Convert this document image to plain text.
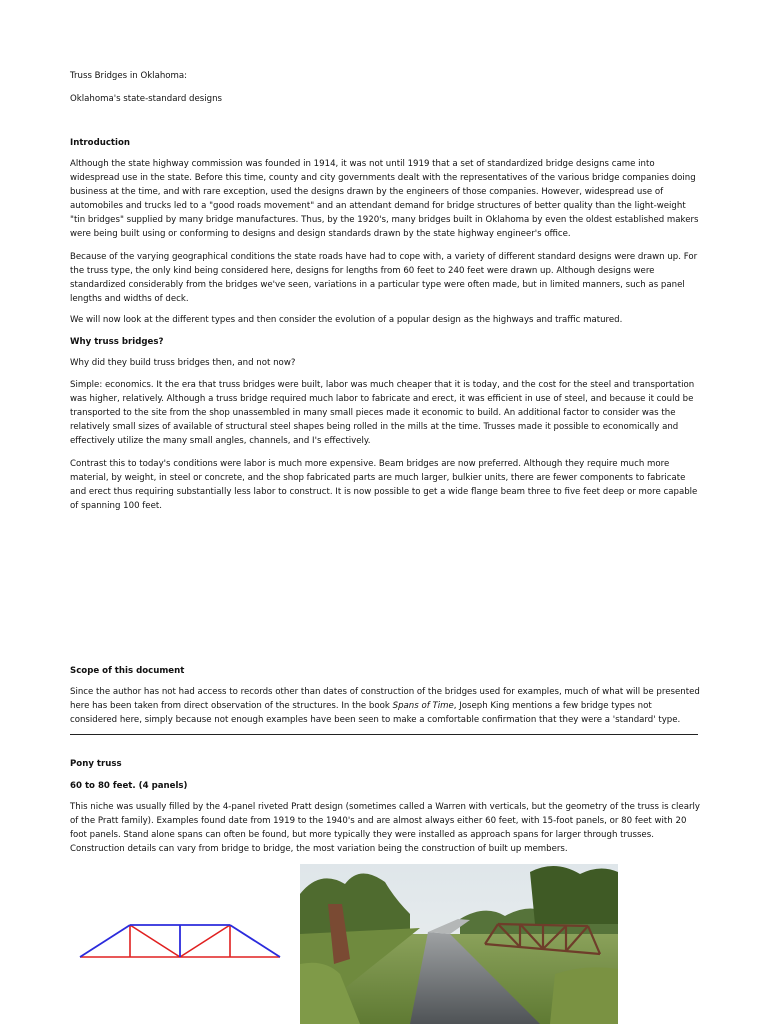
Truss Bridges in Oklahoma:

Oklahoma's state-standard designs

Introduction

Although the state highway commission was founded in 1914, it was not until 1919 that a set of standardized bridge designs came into widespread use in the state. Before this time, county and city governments dealt with the representatives of the various bridge companies doing business at the time, and with rare exception, used the designs drawn by the engineers of those companies. However, widespread use of automobiles and trucks led to a "good roads movement" and an attendant demand for bridge structures of better quality than the light-weight "tin bridges" supplied by many bridge manufactures. Thus, by the 1920's, many bridges built in Oklahoma by even the oldest established makers were being built using or conforming to designs and design standards drawn by the state highway engineer's office.

Because of the varying geographical conditions the state roads have had to cope with, a variety of different standard designs were drawn up. For the truss type, the only kind being considered here, designs for lengths from 60 feet to 240 feet were drawn up. Although designs were standardized considerably from the bridges we've seen, variations in a particular type were often made, but in limited manners, such as panel lengths and widths of deck.

We will now look at the different types and then consider the evolution of a popular design as the highways and traffic matured.

Why truss bridges?

Why did they build truss bridges then, and not now?

Simple: economics. It the era that truss bridges were built, labor was much cheaper that it is today, and the cost for the steel and transportation was higher, relatively. Although a truss bridge required much labor to fabricate and erect, it was efficient in use of steel, and because it could be transported to the site from the shop unassembled in many small pieces made it economic to build. An additional factor to consider was the relatively small sizes of available of structural steel shapes being rolled in the mills at the time. Trusses made it possible to economically and effectively utilize the many small angles, channels, and I's effectively.

Contrast this to today's conditions were labor is much more expensive. Beam bridges are now preferred. Although they require much more material, by weight, in steel or concrete, and the shop fabricated parts are much larger, bulkier units, there are fewer components to fabricate and erect thus requiring substantially less labor to construct. It is now possible to get a wide flange beam three to five feet deep or more capable of spanning 100 feet.

Scope of this document

Since the author has not had access to records other than dates of construction of the bridges used for examples, much of what will be presented here has been taken from direct observation of the structures. In the book Spans of Time, Joseph King mentions a few bridge types not considered here, simply because not enough examples have been seen to make a comfortable confirmation that they were a 'standard' type.

Pony truss

60 to 80 feet. (4 panels)

This niche was usually filled by the 4-panel riveted Pratt design (sometimes called a Warren with verticals, but the geometry of the truss is clearly of the Pratt family). Examples found date from 1919 to the 1940's and are almost always either 60 feet, with 15-foot panels, or 80 feet with 20 foot panels. Stand alone spans can often be found, but more typically they were installed as approach spans for larger through trusses. Construction details can vary from bridge to bridge, the most variation being the construction of built up members.
